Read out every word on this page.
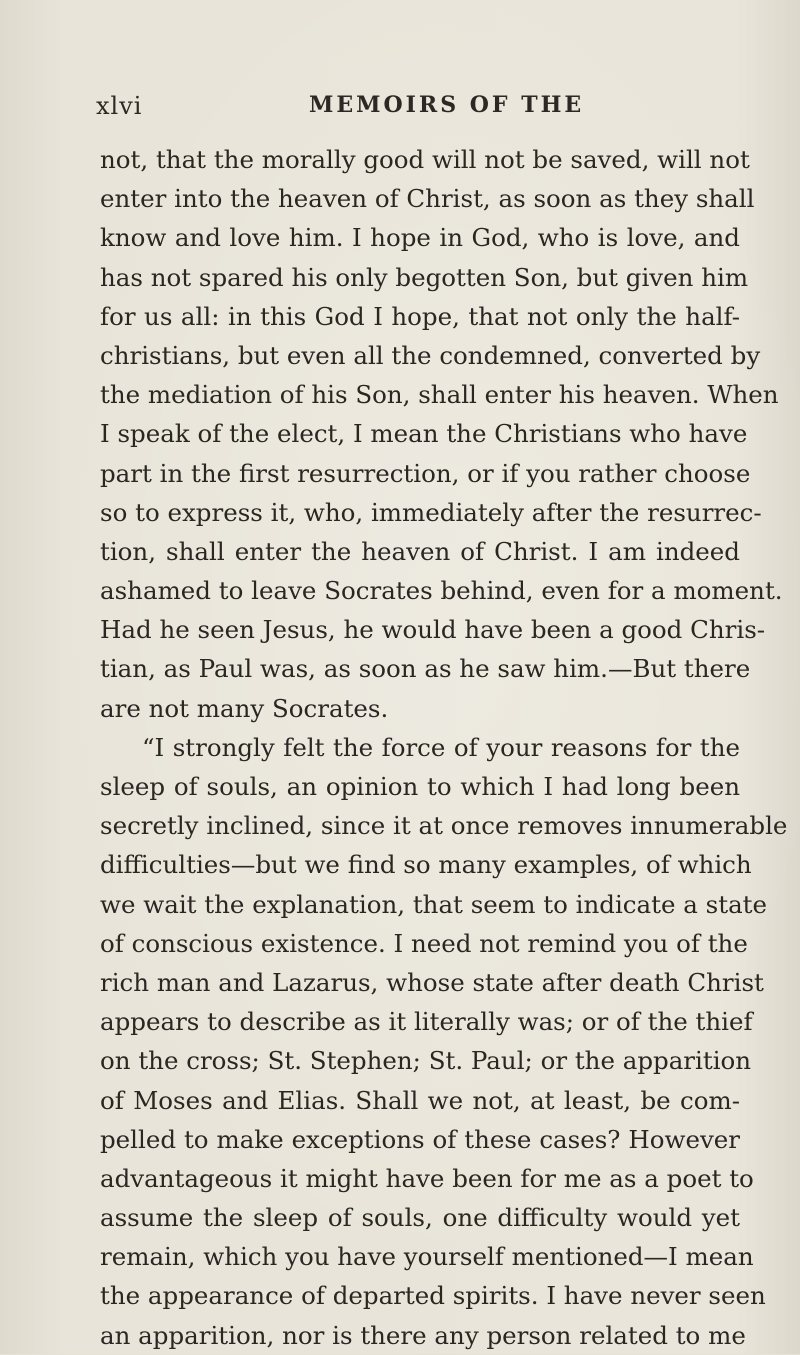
xlvi	MEMOIRS OF THE
not, that the morally good will not be saved, will not
enter into the heaven of Christ, as soon as they shall
know and love him. I hope in God, who is love, and
has not spared his only begotten Son, but given him
for us all: in this God I hope, that not only the half-
christians, but even all the condemned, converted by
the mediation of his Son, shall enter his heaven. When
I speak of the elect, I mean the Christians who have
part in the first resurrection, or if you rather choose
so to express it, who, immediately after the resurrec-
tion, shall enter the heaven of Christ. I am indeed
ashamed to leave Socrates behind, even for a moment.
Had he seen Jesus, he would have been a good Chris-
tian, as Paul was, as soon as he saw him.—But there
are not many Socrates.
“I strongly felt the force of your reasons for the
sleep of souls, an opinion to which I had long been
secretly inclined, since it at once removes innumerable
difficulties—but we find so many examples, of which
we wait the explanation, that seem to indicate a state
of conscious existence. I need not remind you of the
rich man and Lazarus, whose state after death Christ
appears to describe as it literally was; or of the thief
on the cross; St. Stephen; St. Paul; or the apparition
of Moses and Elias. Shall we not, at least, be com-
pelled to make exceptions of these cases? However
advantageous it might have been for me as a poet to
assume the sleep of souls, one difficulty would yet
remain, which you have yourself mentioned—I mean
the appearance of departed spirits. I have never seen
an apparition, nor is there any person related to me
